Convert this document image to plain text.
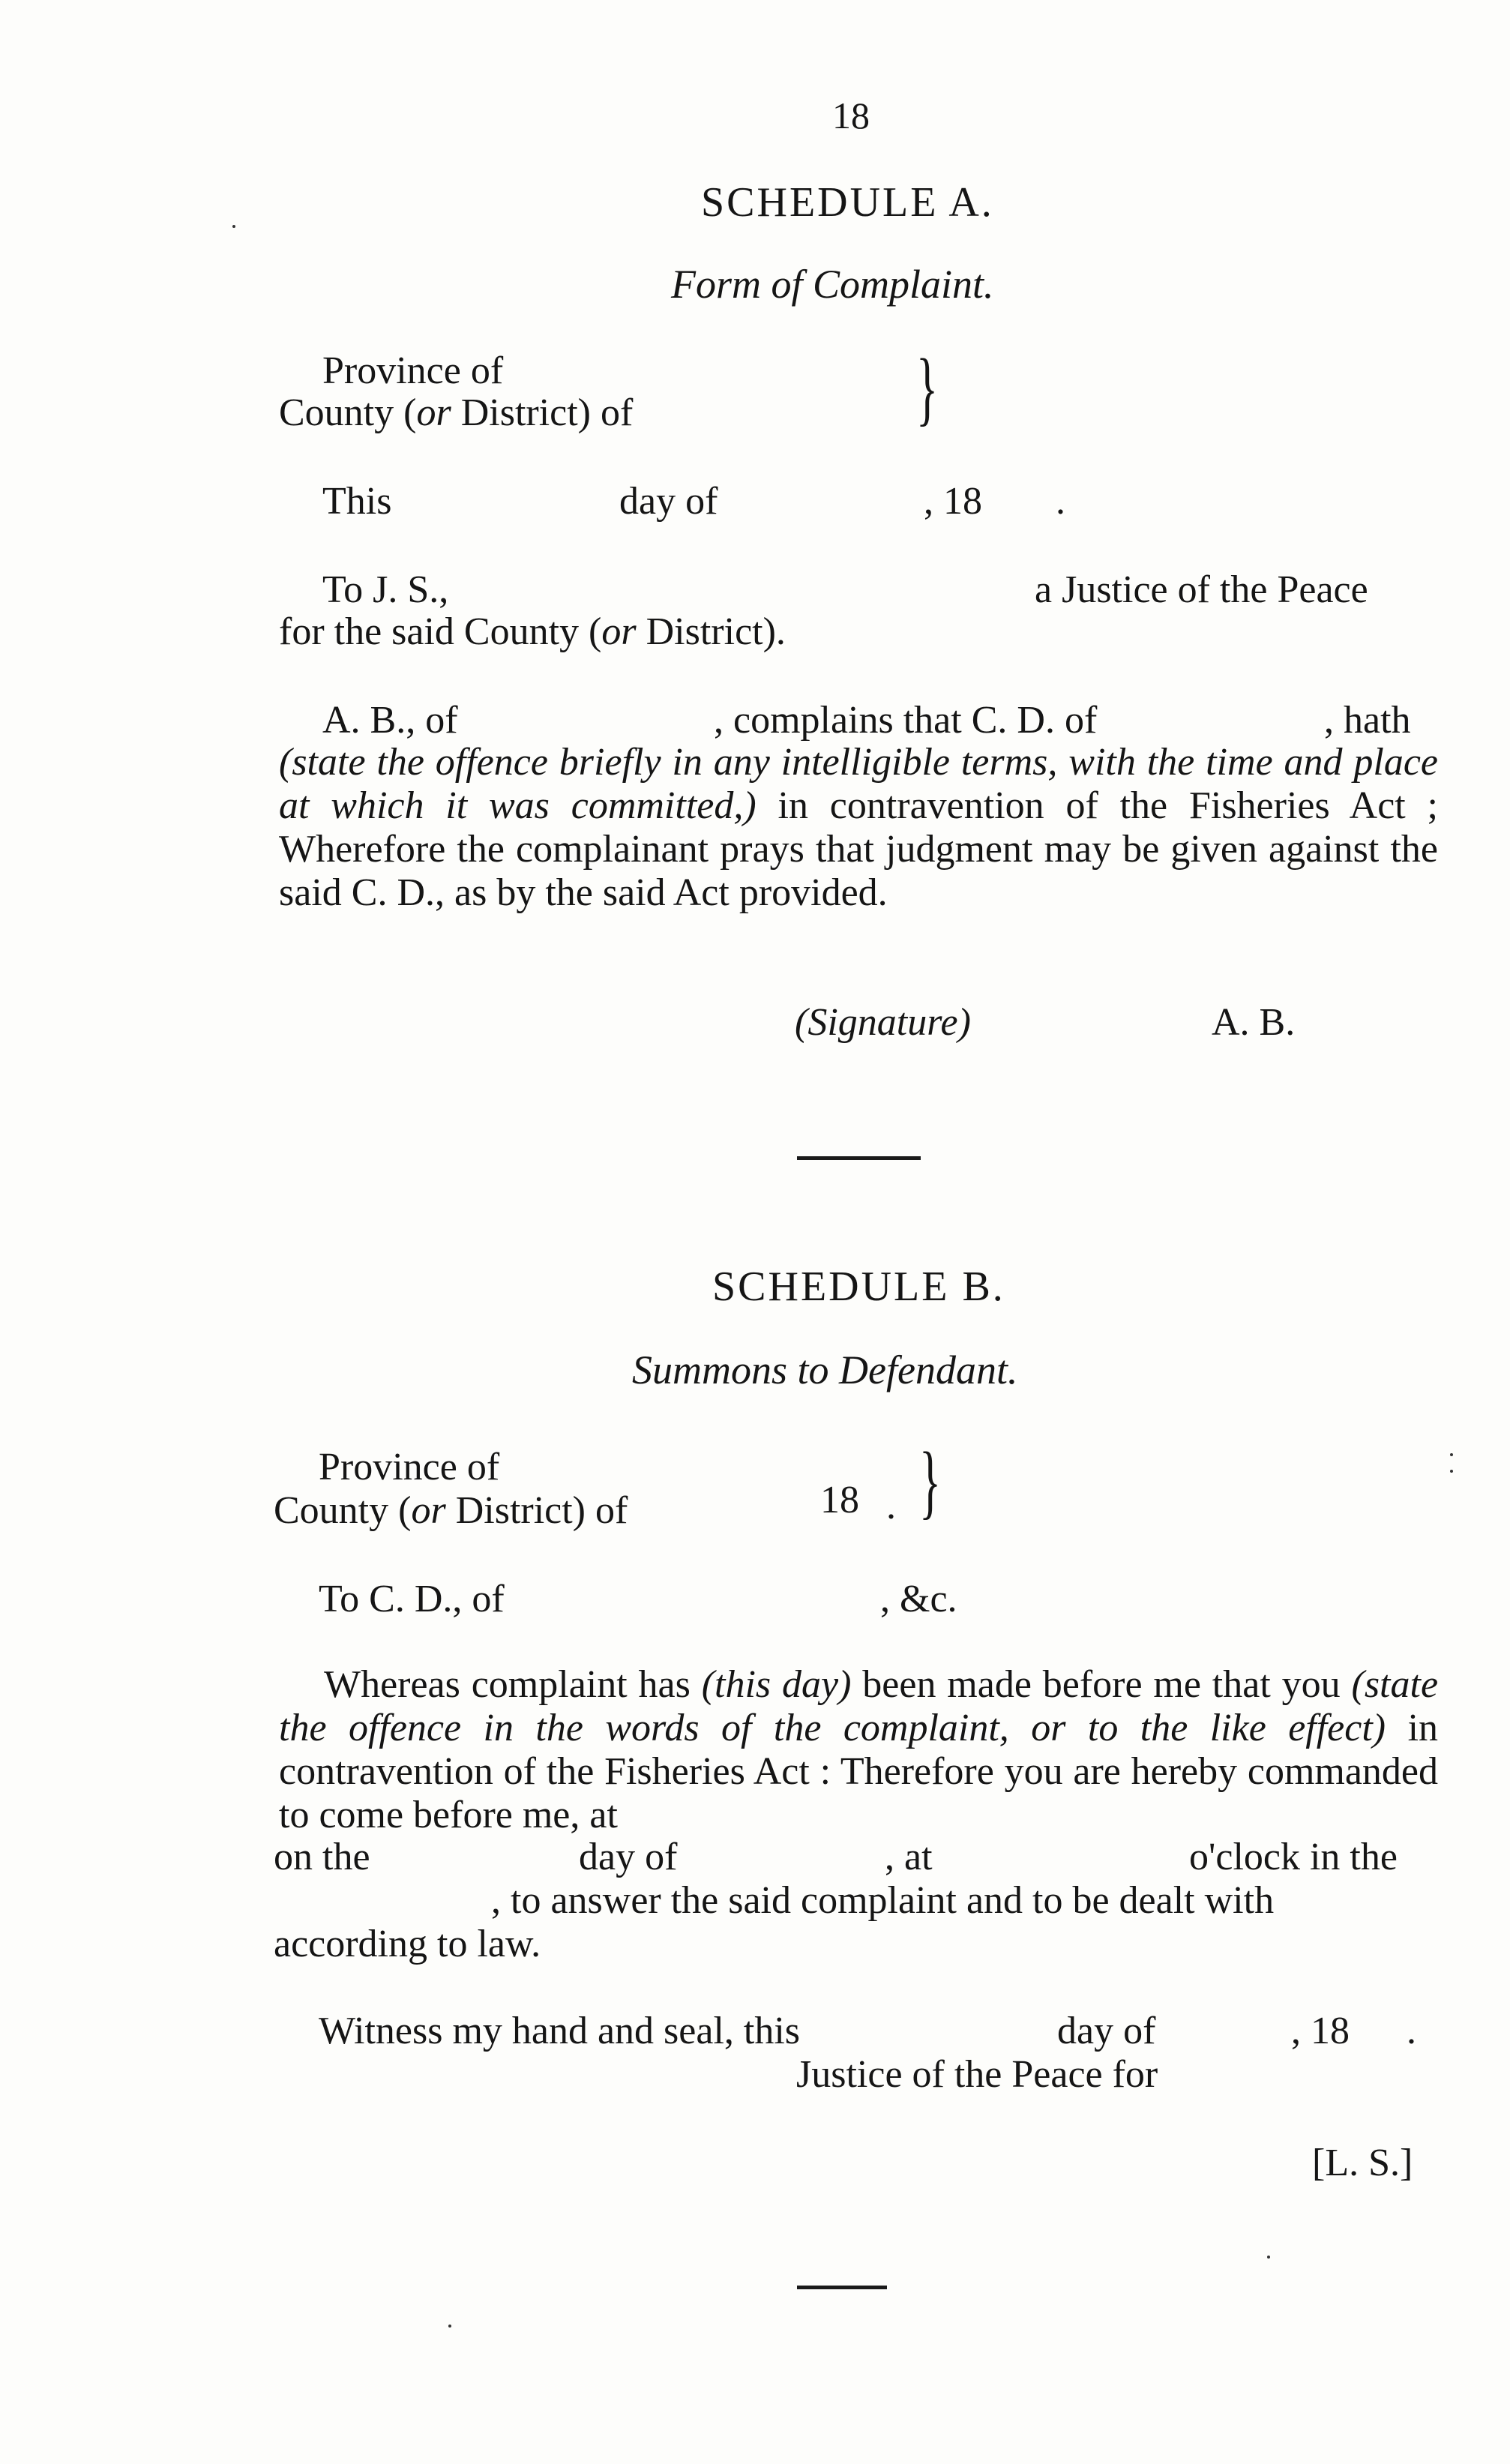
18
SCHEDULE A.
Form of Complaint.
Province of
County (or District) of	}
This	day of	, 18 .
To J. S.,	a Justice of the Peace
for the said County (or District).
A. B., of	, complains that C. D. of	, hath
(state the offence briefly in any intelligible terms, with the time and place at which it was committed,) in contravention of the Fisheries Act ; Wherefore the complainant prays that judgment may be given against the said C. D., as by the said Act provided.
(Signature)	A. B.
SCHEDULE B.
Summons to Defendant.
Province of
County (or District) of	18 . }
To C. D., of	, &c.
Whereas complaint has (this day) been made before me that you (state the offence in the words of the complaint, or to the like effect) in contravention of the Fisheries Act : Therefore you are hereby commanded to come before me, at
on the	day of	, at	o'clock in the
, to answer the said complaint and to be dealt with
according to law.
Witness my hand and seal, this	day of	, 18 .
Justice of the Peace for
[L. S.]
